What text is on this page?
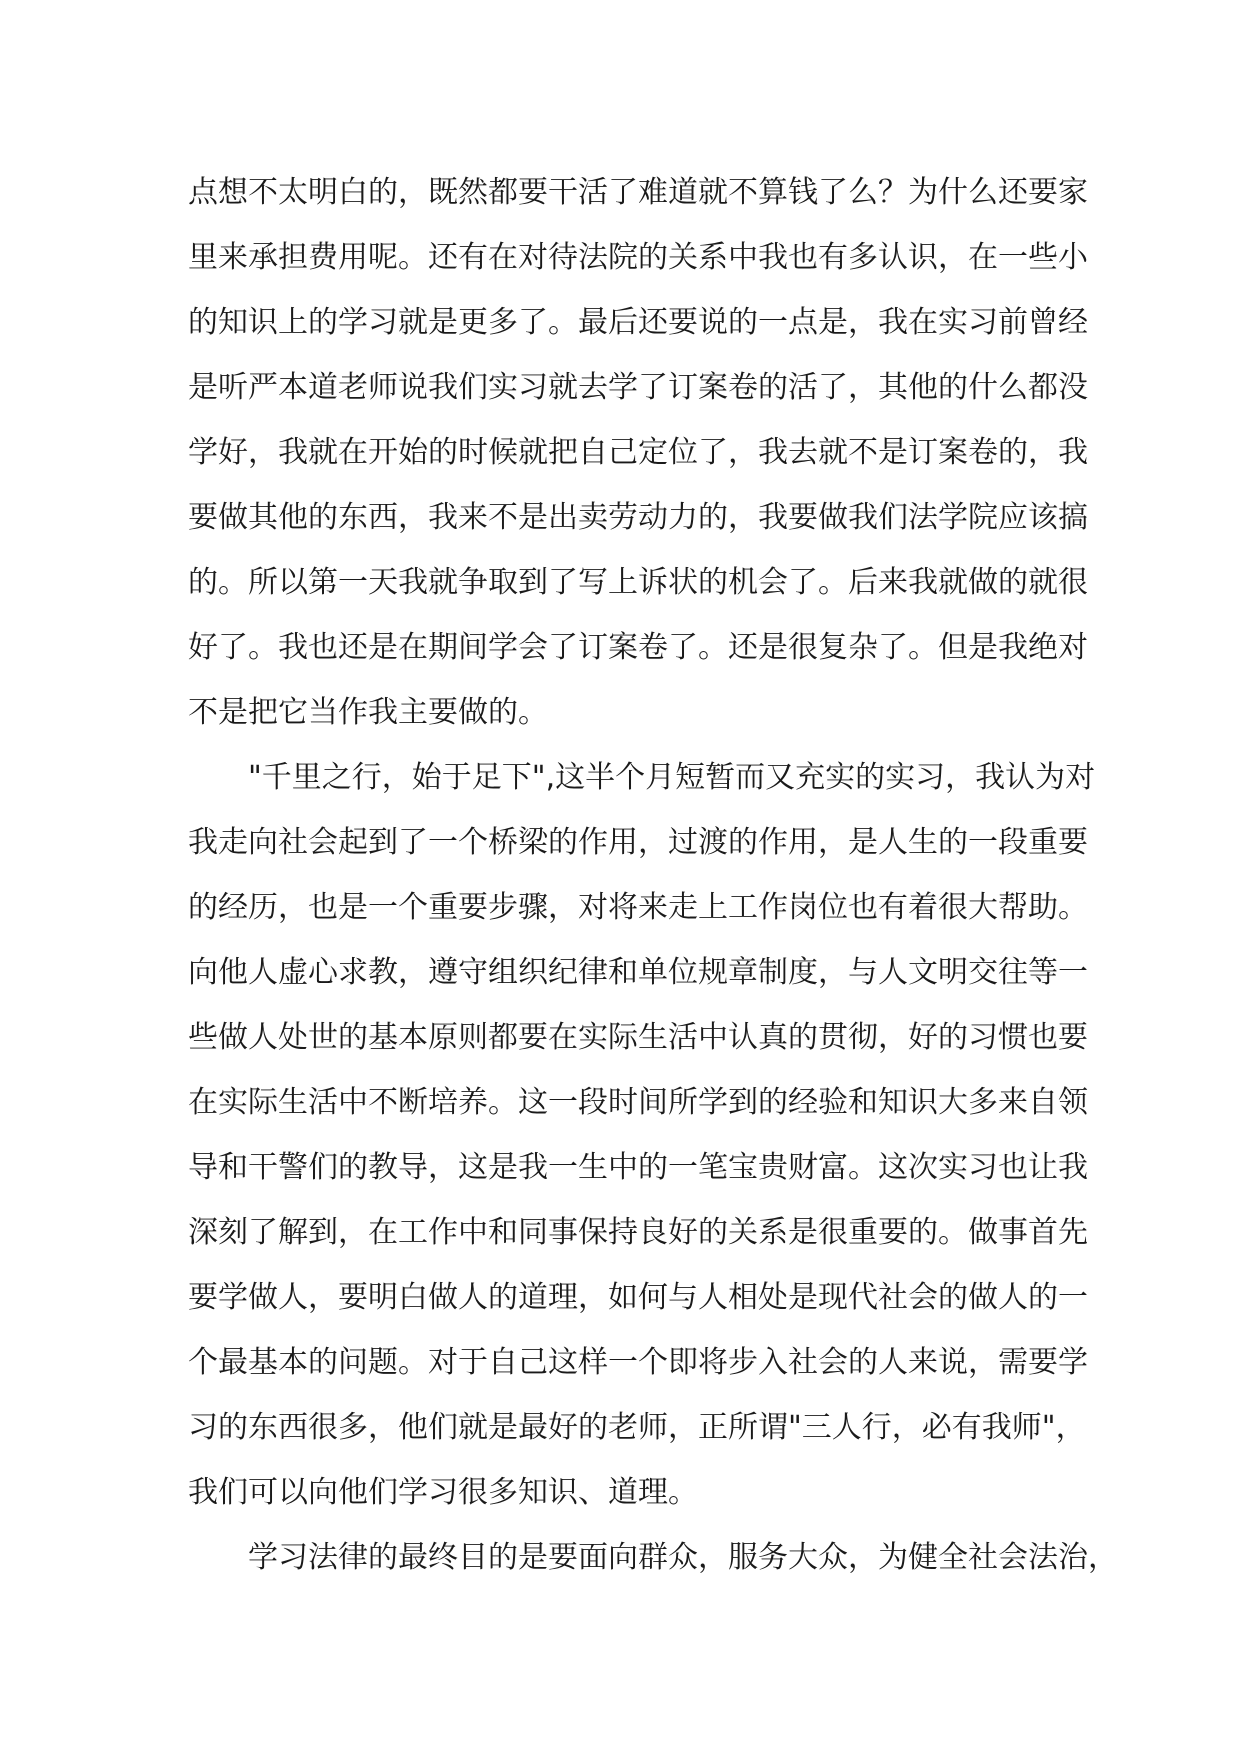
点想不太明白的，既然都要干活了难道就不算钱了么？为什么还要家
里来承担费用呢。还有在对待法院的关系中我也有多认识，在一些小
的知识上的学习就是更多了。最后还要说的一点是，我在实习前曾经
是听严本道老师说我们实习就去学了订案卷的活了，其他的什么都没
学好，我就在开始的时候就把自己定位了，我去就不是订案卷的，我
要做其他的东西，我来不是出卖劳动力的，我要做我们法学院应该搞
的。所以第一天我就争取到了写上诉状的机会了。后来我就做的就很
好了。我也还是在期间学会了订案卷了。还是很复杂了。但是我绝对
不是把它当作我主要做的。
"千里之行，始于足下",这半个月短暂而又充实的实习，我认为对
我走向社会起到了一个桥梁的作用，过渡的作用，是人生的一段重要
的经历，也是一个重要步骤，对将来走上工作岗位也有着很大帮助。
向他人虚心求教，遵守组织纪律和单位规章制度，与人文明交往等一
些做人处世的基本原则都要在实际生活中认真的贯彻，好的习惯也要
在实际生活中不断培养。这一段时间所学到的经验和知识大多来自领
导和干警们的教导，这是我一生中的一笔宝贵财富。这次实习也让我
深刻了解到，在工作中和同事保持良好的关系是很重要的。做事首先
要学做人，要明白做人的道理，如何与人相处是现代社会的做人的一
个最基本的问题。对于自己这样一个即将步入社会的人来说，需要学
习的东西很多，他们就是最好的老师，正所谓"三人行，必有我师"，
我们可以向他们学习很多知识、道理。
学习法律的最终目的是要面向群众，服务大众，为健全社会法治，
